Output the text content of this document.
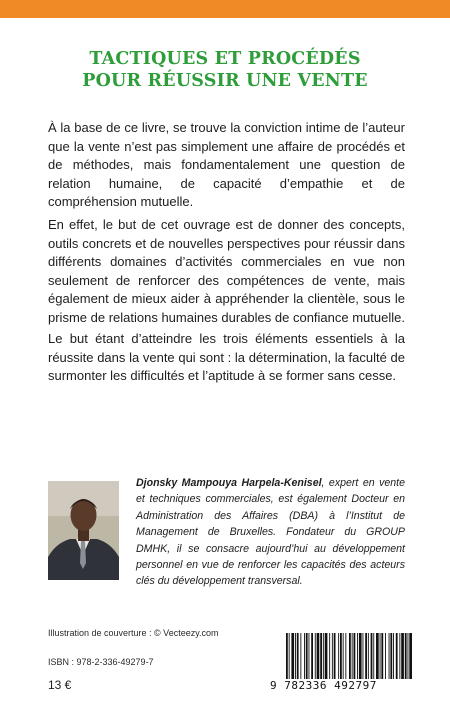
TACTIQUES ET PROCÉDÉS
POUR RÉUSSIR UNE VENTE

À la base de ce livre, se trouve la conviction intime de l’auteur que la vente n’est pas simplement une affaire de procédés et de méthodes, mais fondamentalement une question de relation humaine, de capacité d’empathie et de compréhension mutuelle.

En effet, le but de cet ouvrage est de donner des concepts, outils concrets et de nouvelles perspectives pour réussir dans différents domaines d’activités commerciales en vue non seulement de renforcer des compétences de vente, mais également de mieux aider à appréhender la clientèle, sous le prisme de relations humaines durables de confiance mutuelle.

Le but étant d’atteindre les trois éléments essentiels à la réussite dans la vente qui sont : la détermination, la faculté de surmonter les difficultés et l’aptitude à se former sans cesse.

Djonsky Mampouya Harpela-Kenisel, expert en vente et techniques commerciales, est également Docteur en Administration des Affaires (DBA) à l’Institut de Management de Bruxelles. Fondateur du GROUP DMHK, il se consacre aujourd’hui au développement personnel en vue de renforcer les capacités des acteurs clés du développement transversal.

Illustration de couverture : © Vecteezy.com
ISBN : 978-2-336-49279-7
13 €	9 782336 492797
